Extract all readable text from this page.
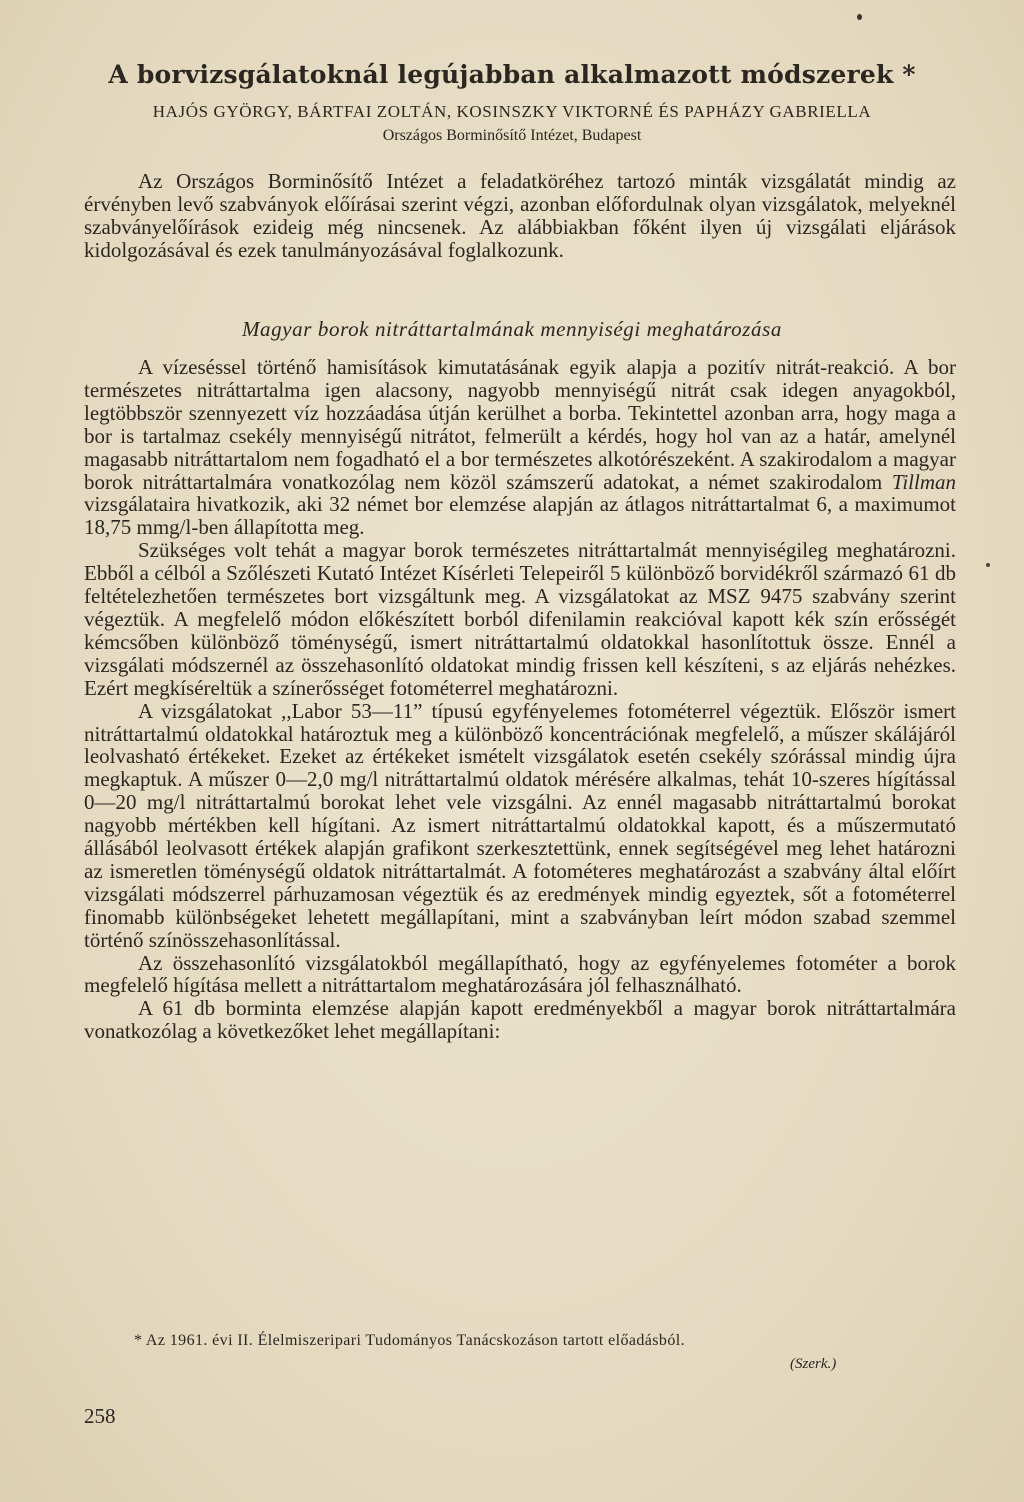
A borvizsgálatoknál legújabban alkalmazott módszerek *
HAJÓS GYÖRGY, BÁRTFAI ZOLTÁN, KOSINSZKY VIKTORNÉ ÉS PAPHÁZY GABRIELLA
Országos Borminősítő Intézet, Budapest

Az Országos Borminősítő Intézet a feladatköréhez tartozó minták vizsgálatát mindig az érvényben levő szabványok előírásai szerint végzi, azonban előfordulnak olyan vizsgálatok, melyeknél szabványelőírások ezideig még nincsenek. Az alábbiakban főként ilyen új vizsgálati eljárások kidolgozásával és ezek tanulmányozásával foglalkozunk.

Magyar borok nitráttartalmának mennyiségi meghatározása

A vízeséssel történő hamisítások kimutatásának egyik alapja a pozitív nitrát-reakció. A bor természetes nitráttartalma igen alacsony, nagyobb mennyiségű nitrát csak idegen anyagokból, legtöbbször szennyezett víz hozzáadása útján kerülhet a borba. Tekintettel azonban arra, hogy maga a bor is tartalmaz csekély mennyiségű nitrátot, felmerült a kérdés, hogy hol van az a határ, amelynél magasabb nitráttartalom nem fogadható el a bor természetes alkotórészeként. A szakirodalom a magyar borok nitráttartalmára vonatkozólag nem közöl számszerű adatokat, a német szakirodalom Tillman vizsgálataira hivatkozik, aki 32 német bor elemzése alapján az átlagos nitráttartalmat 6, a maximumot 18,75 mmg/l-ben állapította meg.

Szükséges volt tehát a magyar borok természetes nitráttartalmát mennyiségileg meghatározni. Ebből a célból a Szőlészeti Kutató Intézet Kísérleti Telepeiről 5 különböző borvidékről származó 61 db feltételezhetően természetes bort vizsgáltunk meg. A vizsgálatokat az MSZ 9475 szabvány szerint végeztük. A megfelelő módon előkészített borból difenilamin reakcióval kapott kék szín erősségét kémcsőben különböző töménységű, ismert nitráttartalmú oldatokkal hasonlítottuk össze. Ennél a vizsgálati módszernél az összehasonlító oldatokat mindig frissen kell készíteni, s az eljárás nehézkes. Ezért megkíséreltük a színerősséget fotométerrel meghatározni.

A vizsgálatokat ,,Labor 53—11” típusú egyfényelemes fotométerrel végeztük. Először ismert nitráttartalmú oldatokkal határoztuk meg a különböző koncentrációnak megfelelő, a műszer skálájáról leolvasható értékeket. Ezeket az értékeket ismételt vizsgálatok esetén csekély szórással mindig újra megkaptuk. A műszer 0—2,0 mg/l nitráttartalmú oldatok mérésére alkalmas, tehát 10-szeres hígítással 0—20 mg/l nitráttartalmú borokat lehet vele vizsgálni. Az ennél magasabb nitráttartalmú borokat nagyobb mértékben kell hígítani. Az ismert nitráttartalmú oldatokkal kapott, és a műszermutató állásából leolvasott értékek alapján grafikont szerkesztettünk, ennek segítségével meg lehet határozni az ismeretlen töménységű oldatok nitráttartalmát. A fotométeres meghatározást a szabvány által előírt vizsgálati módszerrel párhuzamosan végeztük és az eredmények mindig egyeztek, sőt a fotométerrel finomabb különbségeket lehetett megállapítani, mint a szabványban leírt módon szabad szemmel történő színösszehasonlítással.

Az összehasonlító vizsgálatokból megállapítható, hogy az egyfényelemes fotométer a borok megfelelő hígítása mellett a nitráttartalom meghatározására jól felhasználható.

A 61 db borminta elemzése alapján kapott eredményekből a magyar borok nitráttartalmára vonatkozólag a következőket lehet megállapítani:

* Az 1961. évi II. Élelmiszeripari Tudományos Tanácskozáson tartott előadásból.
(Szerk.)
258
